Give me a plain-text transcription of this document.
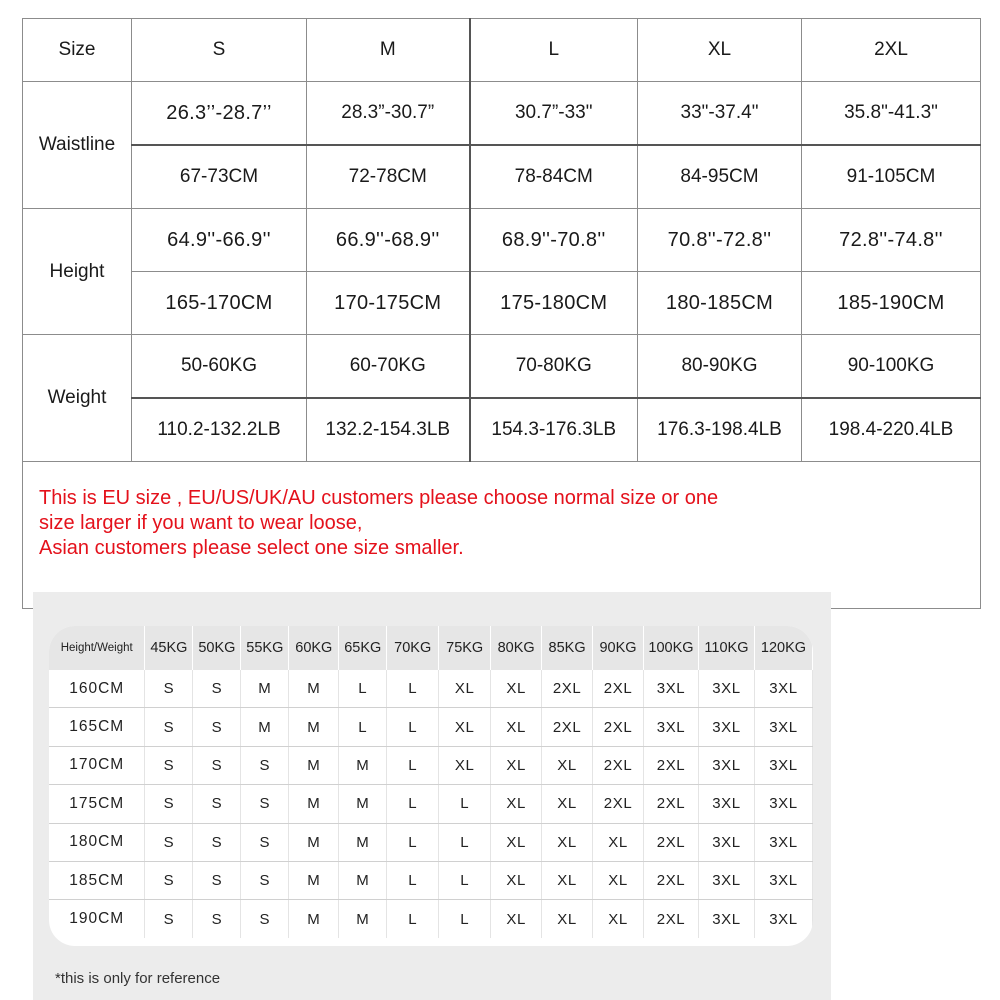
Size	S	M	L	XL	2XL
Waistline	26.3’’-28.7’’	28.3”-30.7”	30.7”-33"	33"-37.4"	35.8"-41.3"
	67-73CM	72-78CM	78-84CM	84-95CM	91-105CM
Height	64.9''-66.9''	66.9''-68.9''	68.9''-70.8''	70.8''-72.8''	72.8''-74.8''
	165-170CM	170-175CM	175-180CM	180-185CM	185-190CM
Weight	50-60KG	60-70KG	70-80KG	80-90KG	90-100KG
	110.2-132.2LB	132.2-154.3LB	154.3-176.3LB	176.3-198.4LB	198.4-220.4LB

This is EU size , EU/US/UK/AU customers please choose normal size or one
size larger if you want to wear loose,
Asian customers please select one size smaller.					
Height/Weight	45KG	50KG	55KG	60KG	65KG	70KG	75KG	80KG	85KG	90KG	100KG	110KG	120KG
160CM	S	S	M	M	L	L	XL	XL	2XL	2XL	3XL	3XL	3XL
165CM	S	S	M	M	L	L	XL	XL	2XL	2XL	3XL	3XL	3XL
170CM	S	S	S	M	M	L	XL	XL	XL	2XL	2XL	3XL	3XL
175CM	S	S	S	M	M	L	L	XL	XL	2XL	2XL	3XL	3XL
180CM	S	S	S	M	M	L	L	XL	XL	XL	2XL	3XL	3XL
185CM	S	S	S	M	M	L	L	XL	XL	XL	2XL	3XL	3XL
190CM	S	S	S	M	M	L	L	XL	XL	XL	2XL	3XL	3XL
*this is only for reference
